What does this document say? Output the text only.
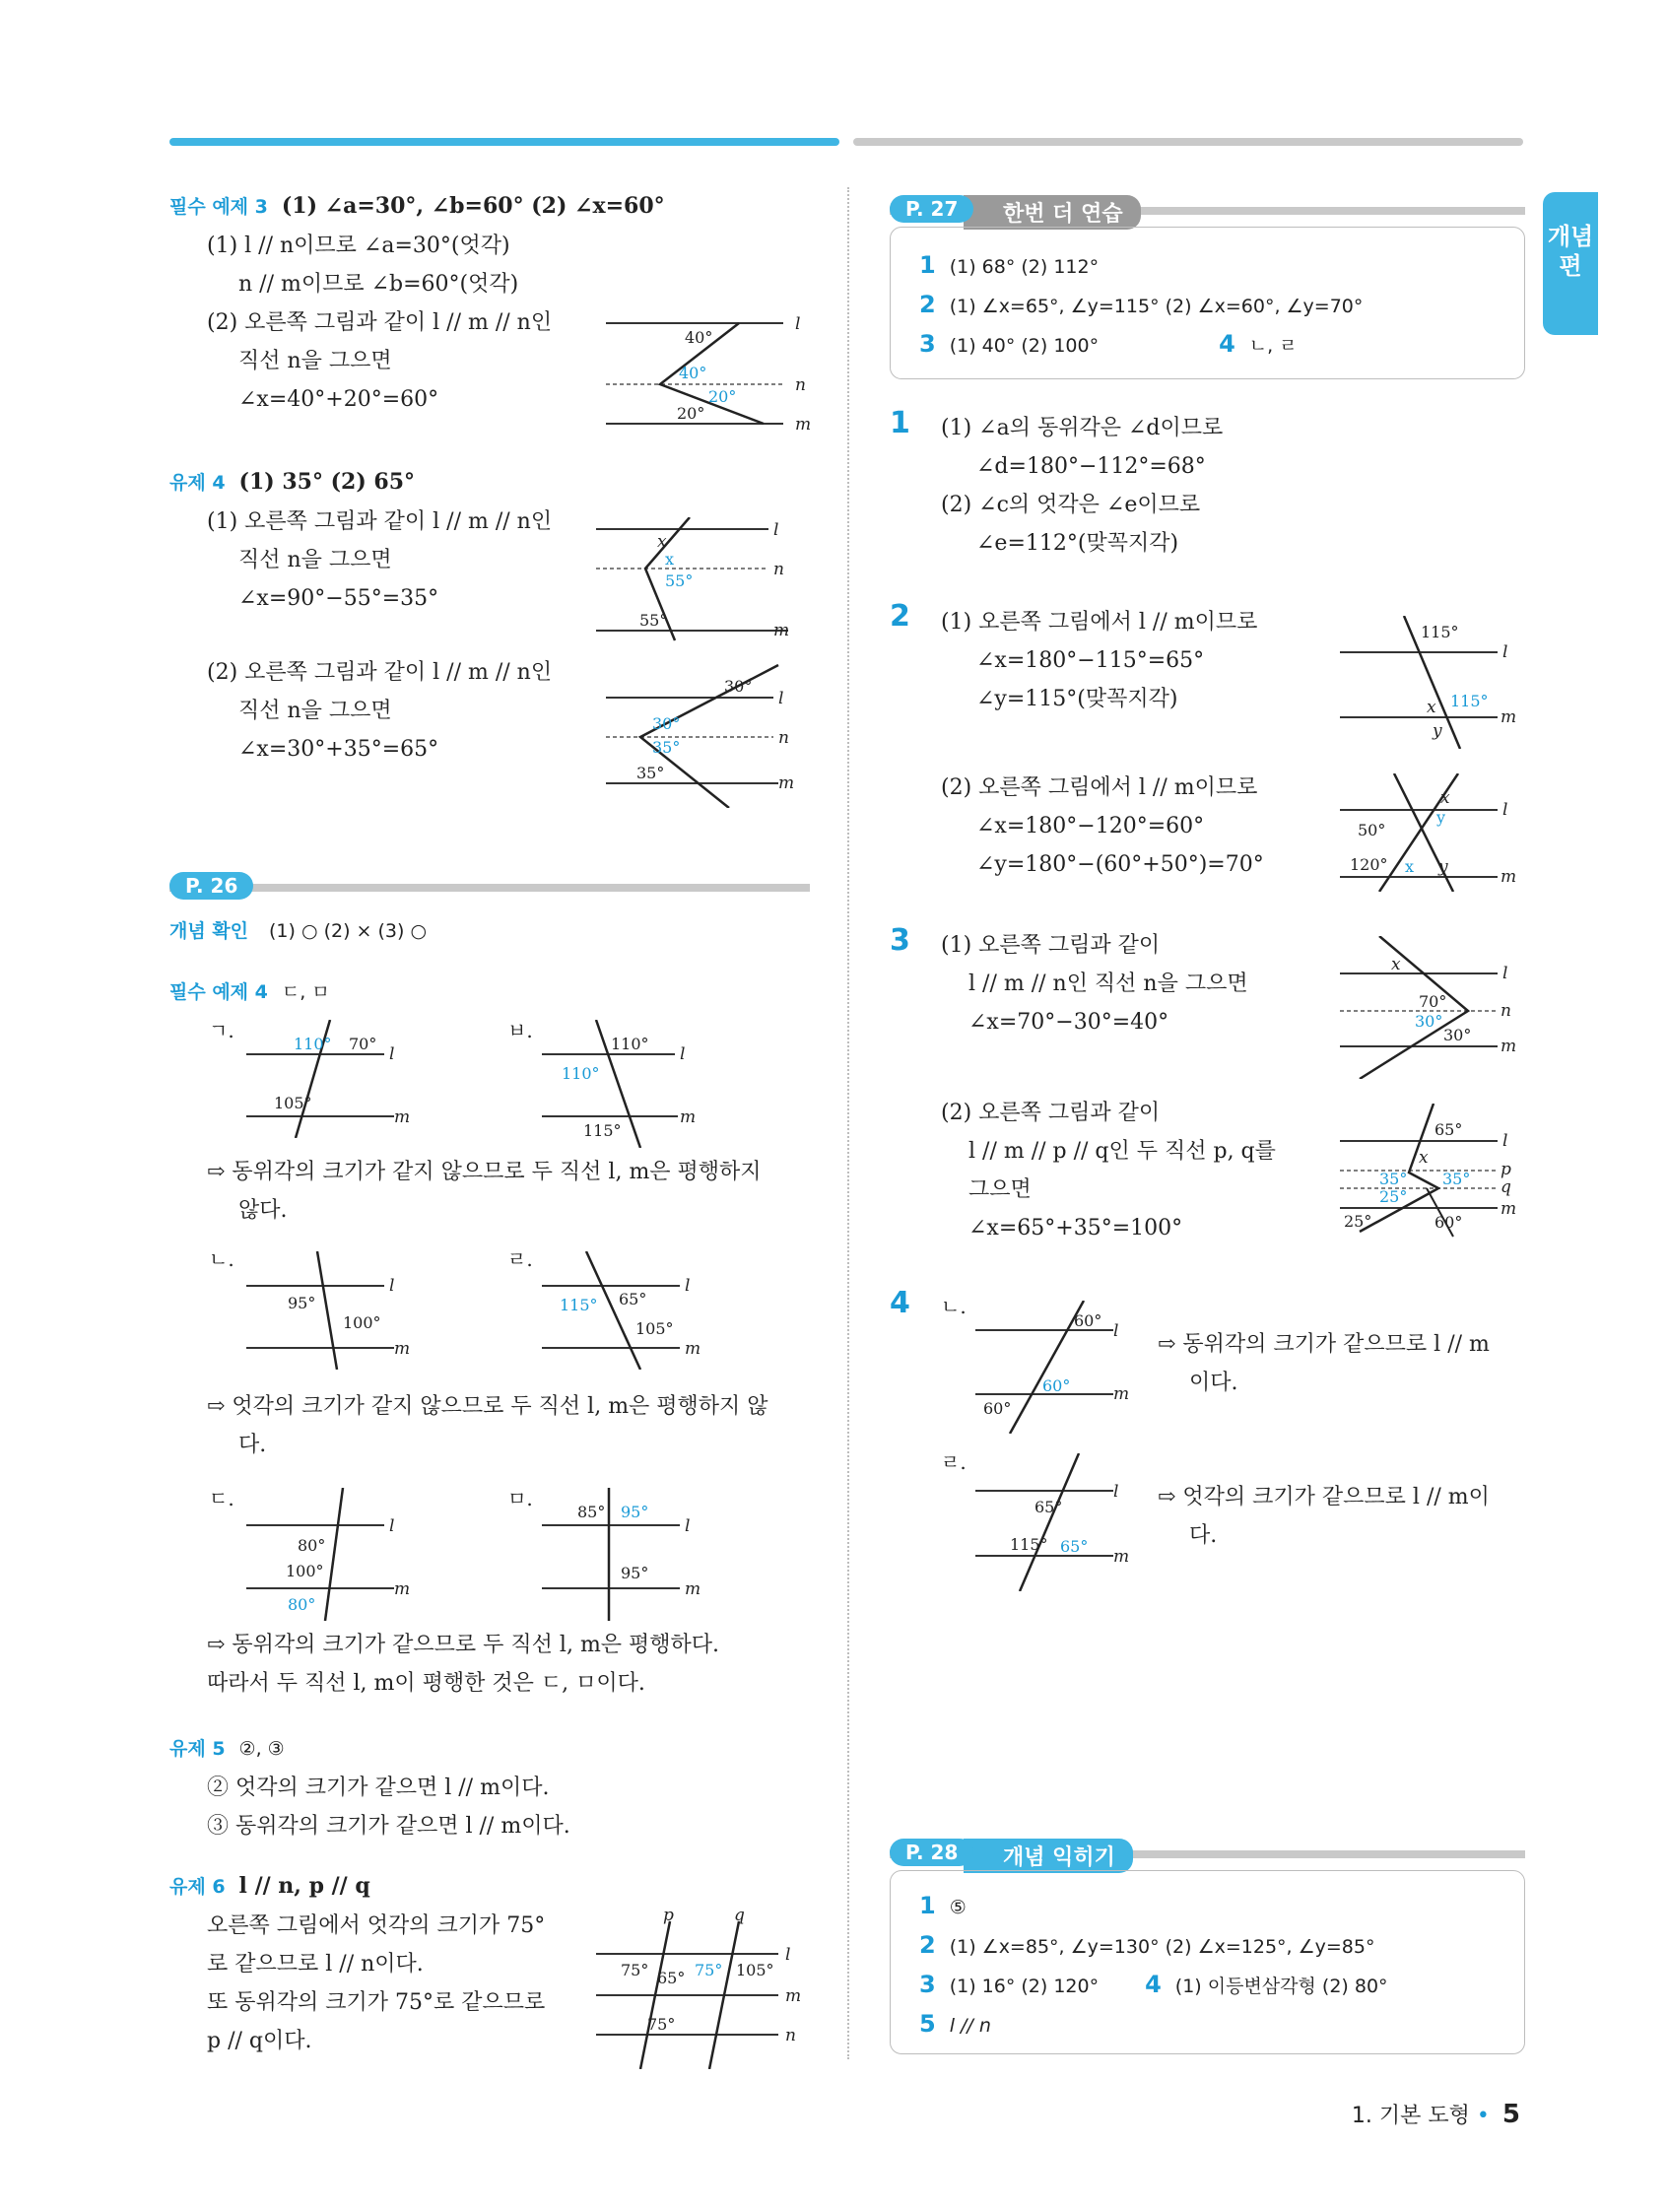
개념편
필수 예제 3 (1) ∠a=30°, ∠b=60° (2) ∠x=60°
(1) l // n이므로 ∠a=30°(엇각)
n // m이므로 ∠b=60°(엇각)
(2) 오른쪽 그림과 같이 l // m // n인
직선 n을 그으면
∠x=40°+20°=60°
l
n
m
40°
40°
20°
20°
유제 4 (1) 35° (2) 65°
(1) 오른쪽 그림과 같이 l // m // n인
직선 n을 그으면
∠x=90°−55°=35°
(2) 오른쪽 그림과 같이 l // m // n인
직선 n을 그으면
∠x=30°+35°=65°
l
n
m
x
x
55°
55°
l
n
m
30°
30°
35°
35°
P. 26
개념 확인 (1) ○ (2) × (3) ○
필수 예제 4 ㄷ, ㅁ
ㄱ.
l
m
110° 70°
105°
ㅂ.
l
m
110°
110°
115°
⇨ 동위각의 크기가 같지 않으므로 두 직선 l, m은 평행하지
않다.
ㄴ.
l
m
95°
100°
ㄹ.
l
m
115° 65°
105°
⇨ 엇각의 크기가 같지 않으므로 두 직선 l, m은 평행하지 않
다.
ㄷ.
l
m
80°
100°
80°
ㅁ.
l
m
85° 95°
95°
⇨ 동위각의 크기가 같으므로 두 직선 l, m은 평행하다.
따라서 두 직선 l, m이 평행한 것은 ㄷ, ㅁ이다.
유제 5 ②, ③
② 엇각의 크기가 같으면 l // m이다.
③ 동위각의 크기가 같으면 l // m이다.
유제 6 l // n, p // q
오른쪽 그림에서 엇각의 크기가 75°
로 같으므로 l // n이다.
또 동위각의 크기가 75°로 같으므로
p // q이다.
p	q
l
m
n
75° 65° 75° 105°
75°
한번 더 연습
P. 27
1 (1) 68° (2) 112°
2 (1) ∠x=65°, ∠y=115° (2) ∠x=60°, ∠y=70°
3 (1) 40° (2) 100°	4 ㄴ, ㄹ
1 (1) ∠a의 동위각은 ∠d이므로
∠d=180°−112°=68°
(2) ∠c의 엇각은 ∠e이므로
∠e=112°(맞꼭지각)
2 (1) 오른쪽 그림에서 l // m이므로
∠x=180°−115°=65°
∠y=115°(맞꼭지각)
l
m
115°
x 115°
y
(2) 오른쪽 그림에서 l // m이므로
∠x=180°−120°=60°
∠y=180°−(60°+50°)=70°
l
m
x
y
50°
120° x y
3 (1) 오른쪽 그림과 같이
l // m // n인 직선 n을 그으면
∠x=70°−30°=40°
l
n
m
x
70°
30°
30°
(2) 오른쪽 그림과 같이
l // m // p // q인 두 직선 p, q를
그으면
∠x=65°+35°=100°
l
p
q
m
65°
x
35° 35°
25°
25°	60°
4 ㄴ.
l
m
60°
60°
60°
⇨ 동위각의 크기가 같으므로 l // m
이다.
ㄹ.
l
m
65°
115° 65°
⇨ 엇각의 크기가 같으므로 l // m이
다.
개념 익히기
P. 28
1 ⑤
2 (1) ∠x=85°, ∠y=130° (2) ∠x=125°, ∠y=85°
3 (1) 16° (2) 120° 4 (1) 이등변삼각형 (2) 80°
5 l // n
1. 기본 도형 • 5
